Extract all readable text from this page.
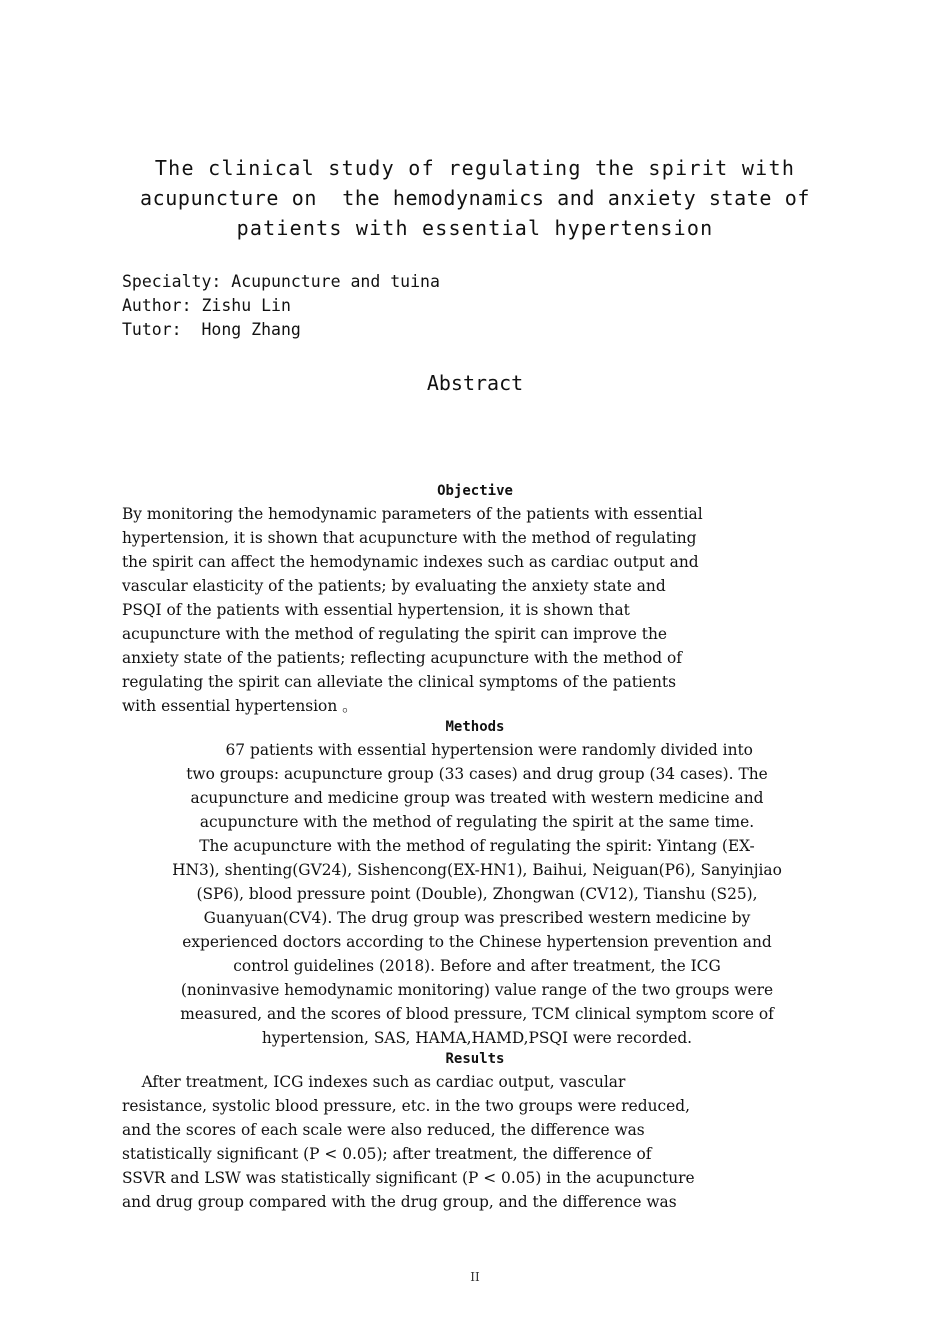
The clinical study of regulating the spirit with
acupuncture on  the hemodynamics and anxiety state of
patients with essential hypertension
Specialty: Acupuncture and tuina
Author: Zishu Lin
Tutor:  Hong Zhang
Abstract
Objective
By monitoring the hemodynamic parameters of the patients with essential
hypertension, it is shown that acupuncture with the method of regulating
the spirit can affect the hemodynamic indexes such as cardiac output and
vascular elasticity of the patients; by evaluating the anxiety state and
PSQI of the patients with essential hypertension, it is shown that
acupuncture with the method of regulating the spirit can improve the
anxiety state of the patients; reflecting acupuncture with the method of
regulating the spirit can alleviate the clinical symptoms of the patients
with essential hypertension 。
Methods
67 patients with essential hypertension were randomly divided into
two groups: acupuncture group (33 cases) and drug group (34 cases). The
acupuncture and medicine group was treated with western medicine and
acupuncture with the method of regulating the spirit at the same time.
The acupuncture with the method of regulating the spirit: Yintang (EX-
HN3), shenting(GV24), Sishencong(EX-HN1), Baihui, Neiguan(P6), Sanyinjiao
(SP6), blood pressure point (Double), Zhongwan (CV12), Tianshu (S25),
Guanyuan(CV4). The drug group was prescribed western medicine by
experienced doctors according to the Chinese hypertension prevention and
control guidelines (2018). Before and after treatment, the ICG
(noninvasive hemodynamic monitoring) value range of the two groups were
measured, and the scores of blood pressure, TCM clinical symptom score of
hypertension, SAS, HAMA,HAMD,PSQI were recorded.
Results
After treatment, ICG indexes such as cardiac output, vascular
resistance, systolic blood pressure, etc. in the two groups were reduced,
and the scores of each scale were also reduced, the difference was
statistically significant (P < 0.05); after treatment, the difference of
SSVR and LSW was statistically significant (P < 0.05) in the acupuncture
and drug group compared with the drug group, and the difference was
II
